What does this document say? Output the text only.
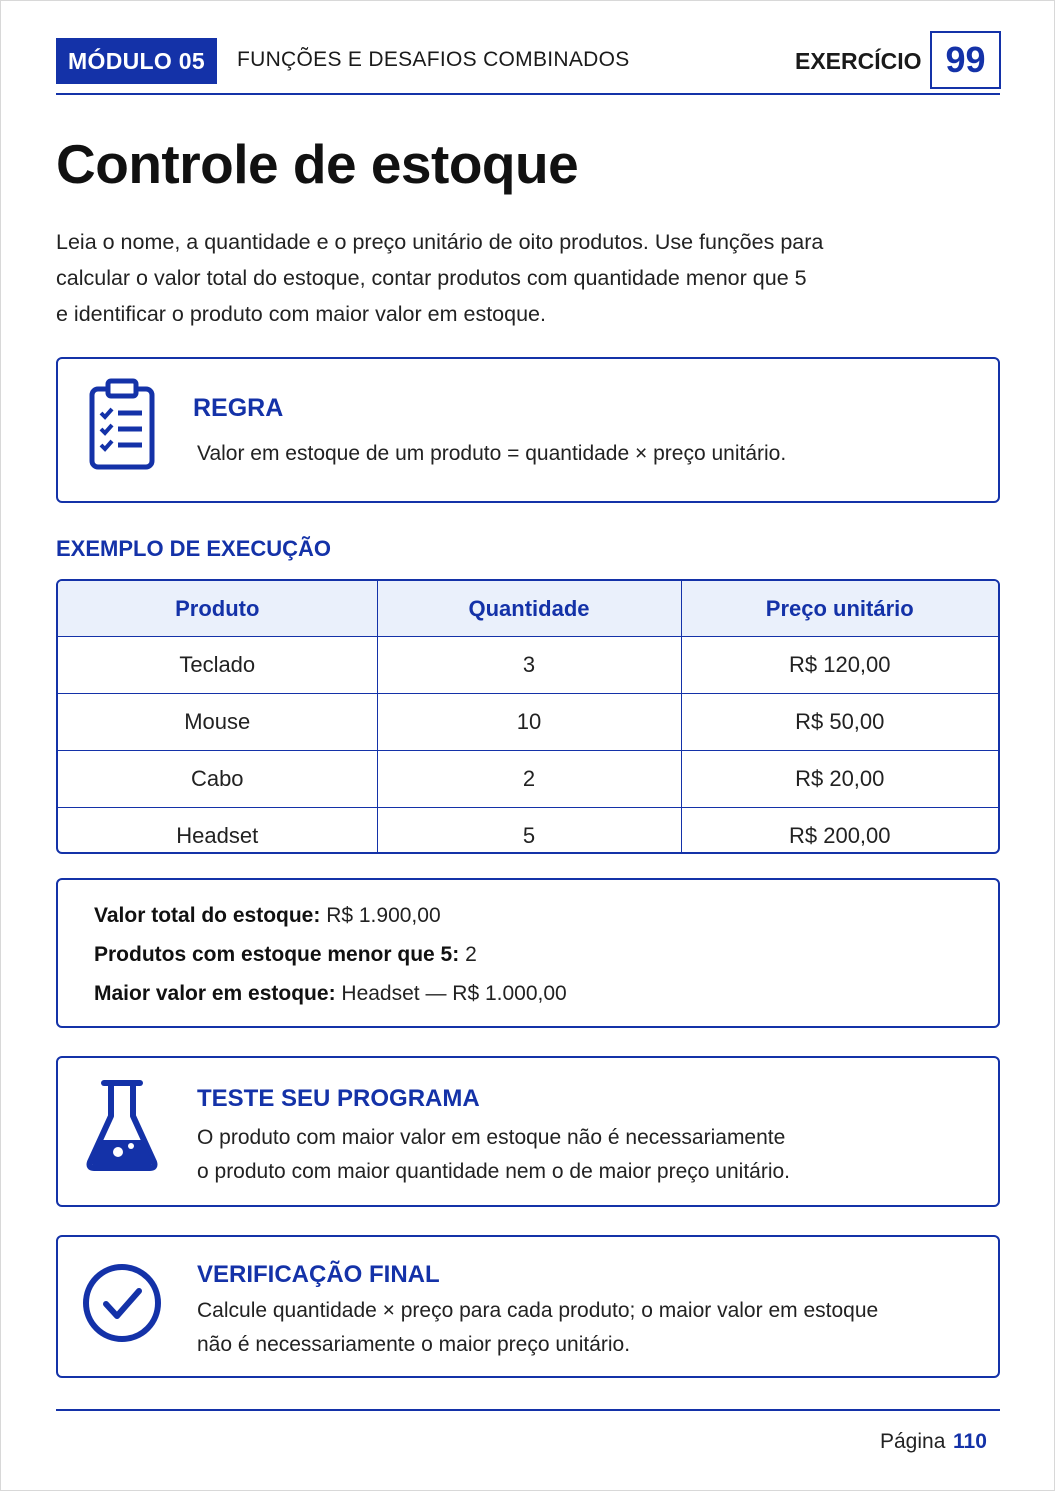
MÓDULO 05	FUNÇÕES E DESAFIOS COMBINADOS	EXERCÍCIO 99
Controle de estoque

Leia o nome, a quantidade e o preço unitário de oito produtos. Use funções para
calcular o valor total do estoque, contar produtos com quantidade menor que 5
e identificar o produto com maior valor em estoque.

REGRA
Valor em estoque de um produto = quantidade × preço unitário.
EXEMPLO DE EXECUÇÃO
Produto	Quantidade	Preço unitário
Teclado	3	R$ 120,00
Mouse	10	R$ 50,00
Cabo	2	R$ 20,00
Headset	5	R$ 200,00
Valor total do estoque: R$ 1.900,00
Produtos com estoque menor que 5: 2
Maior valor em estoque: Headset — R$ 1.000,00
TESTE SEU PROGRAMA
O produto com maior valor em estoque não é necessariamente
o produto com maior quantidade nem o de maior preço unitário.
VERIFICAÇÃO FINAL
Calcule quantidade × preço para cada produto; o maior valor em estoque
não é necessariamente o maior preço unitário.
Página 110
